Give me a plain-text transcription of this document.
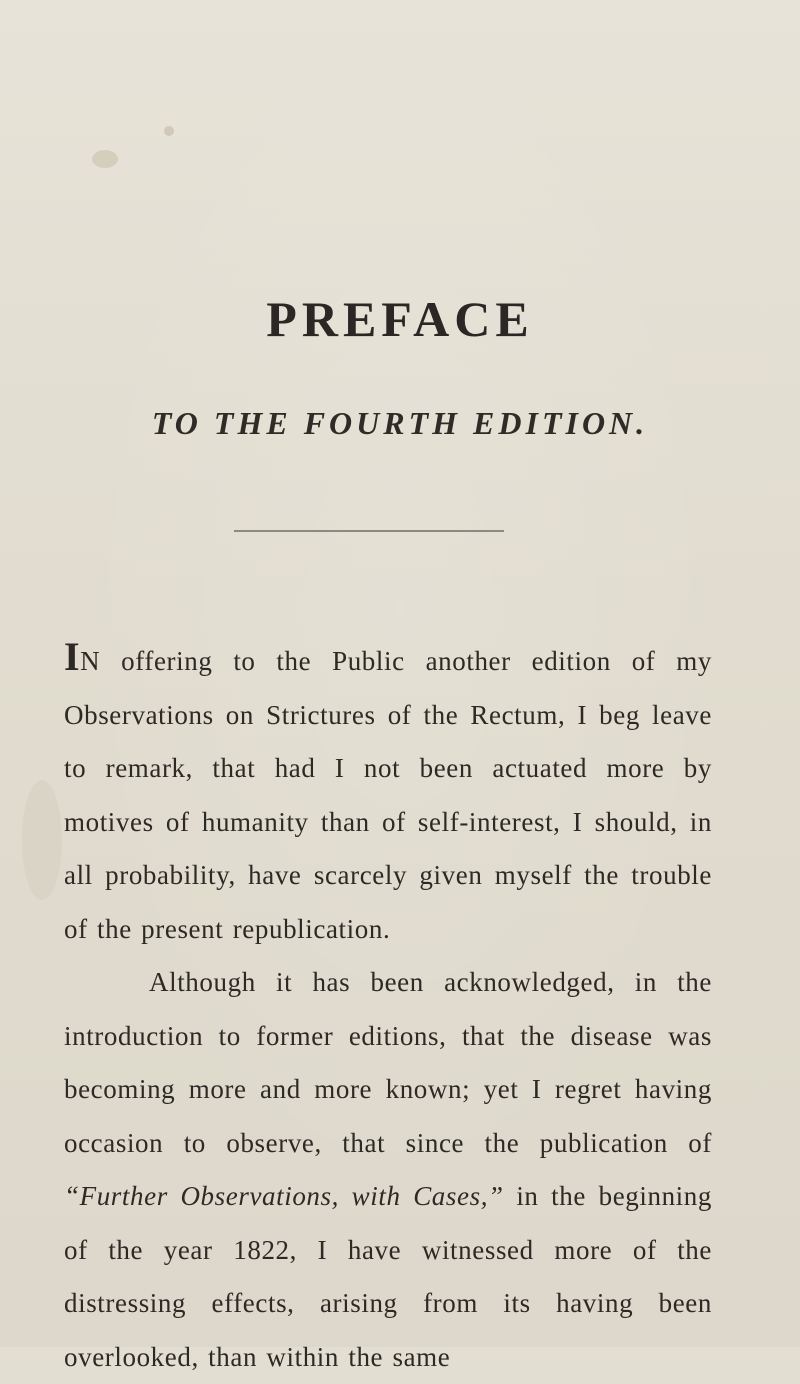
PREFACE
TO THE FOURTH EDITION.

IN offering to the Public another edition of my Observations on Strictures of the Rectum, I beg leave to remark, that had I not been actuated more by motives of humanity than of self-interest, I should, in all probability, have scarcely given myself the trouble of the present republication.

Although it has been acknowledged, in the introduction to former editions, that the disease was becoming more and more known; yet I regret having occasion to observe, that since the publication of “Further Observations, with Cases,” in the beginning of the year 1822, I have witnessed more of the distressing effects, arising from its having been overlooked, than within the same
